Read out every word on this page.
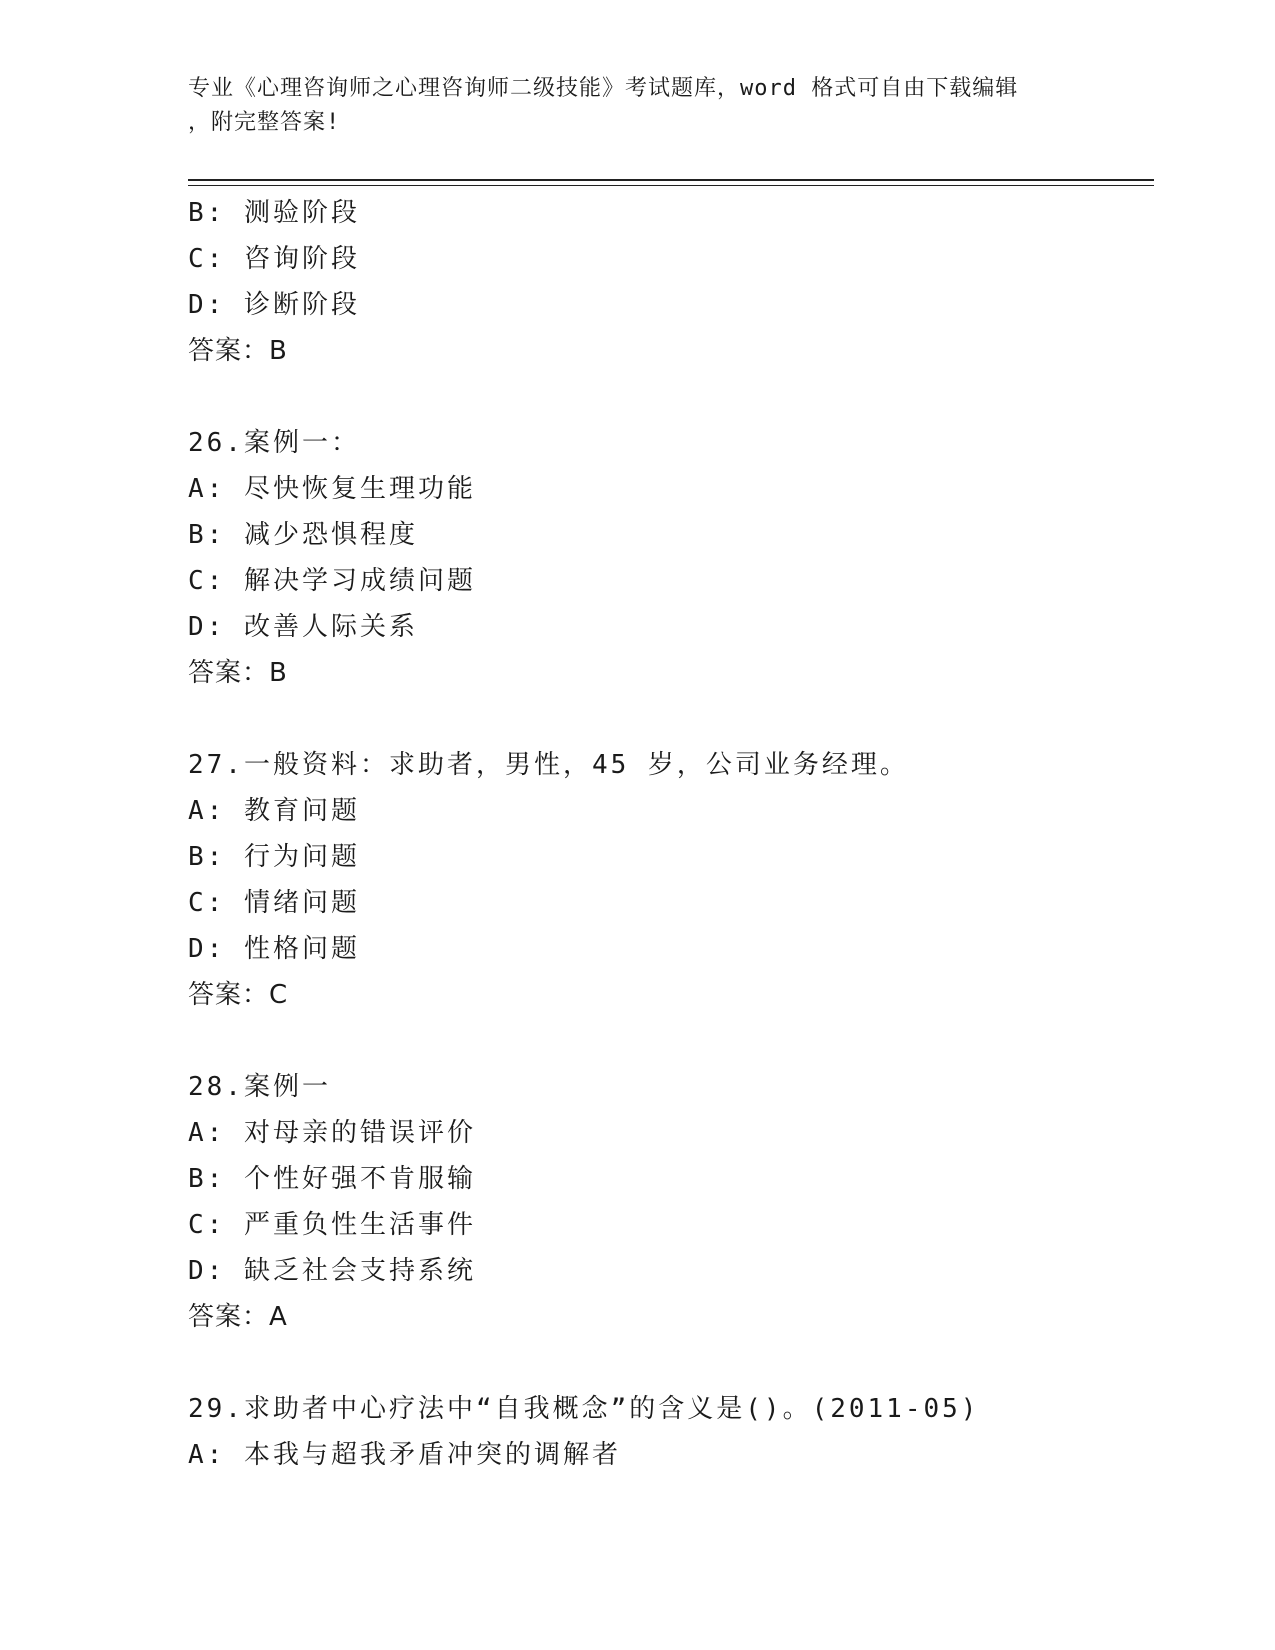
专业《心理咨询师之心理咨询师二级技能》考试题库，word 格式可自由下载编辑
，附完整答案!
B: 测验阶段
C: 咨询阶段
D: 诊断阶段
答案：B
26.案例一：
A: 尽快恢复生理功能
B: 减少恐惧程度
C: 解决学习成绩问题
D: 改善人际关系
答案：B
27.一般资料：求助者，男性，45 岁，公司业务经理。
A: 教育问题
B: 行为问题
C: 情绪问题
D: 性格问题
答案：C
28.案例一
A: 对母亲的错误评价
B: 个性好强不肯服输
C: 严重负性生活事件
D: 缺乏社会支持系统
答案：A
29.求助者中心疗法中“自我概念”的含义是()。(2011-05)
A: 本我与超我矛盾冲突的调解者
